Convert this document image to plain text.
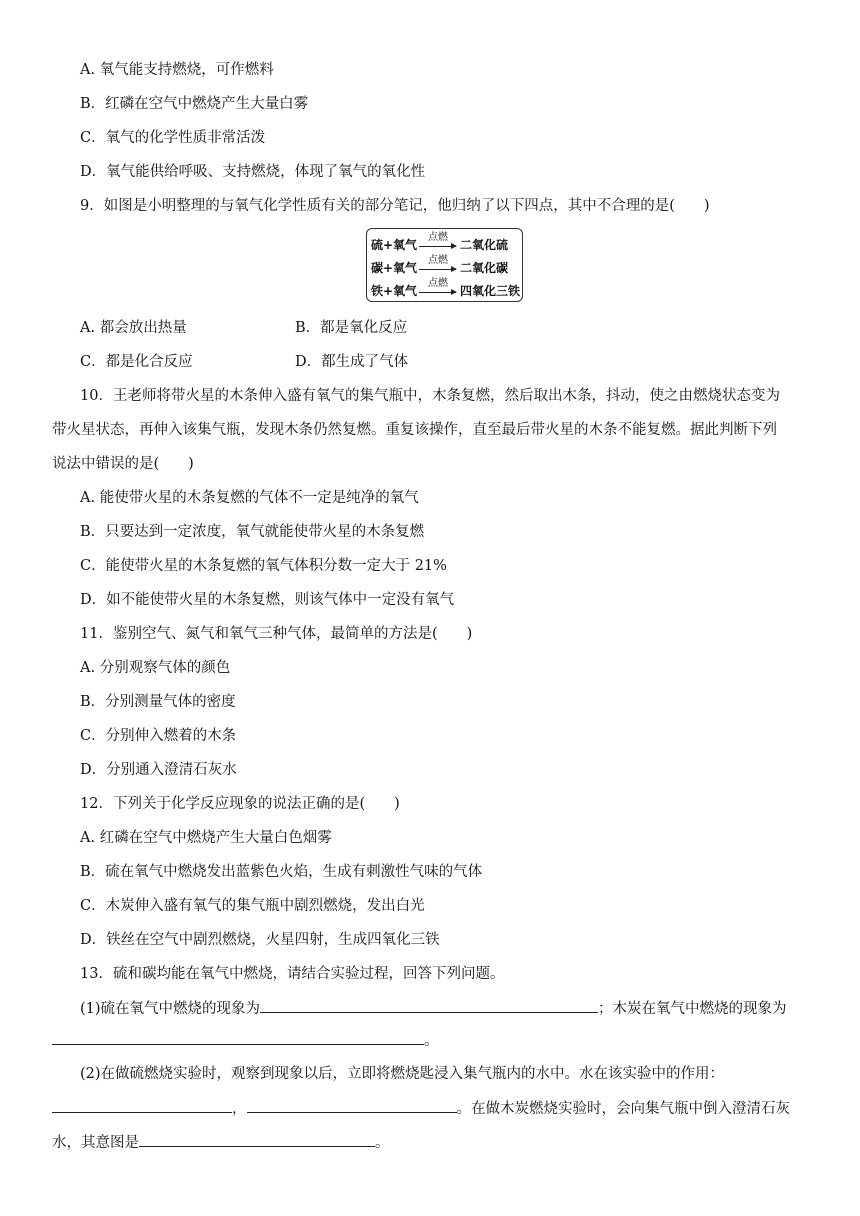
A. 氧气能支持燃烧，可作燃料
B．红磷在空气中燃烧产生大量白雾
C．氧气的化学性质非常活泼
D．氧气能供给呼吸、支持燃烧，体现了氧气的氧化性
9．如图是小明整理的与氧气化学性质有关的部分笔记，他归纳了以下四点，其中不合理的是(　　)
硫+氧气
点燃
→ 二氧化硫
碳+氧气
点燃
→ 二氧化碳
铁+氧气
点燃
→ 四氧化三铁
A. 都会放出热量	B．都是氧化反应
C．都是化合反应	D．都生成了气体
10．王老师将带火星的木条伸入盛有氧气的集气瓶中，木条复燃，然后取出木条，抖动，使之由燃烧状态变为
带火星状态，再伸入该集气瓶，发现木条仍然复燃。重复该操作，直至最后带火星的木条不能复燃。据此判断下列
说法中错误的是(　　)
A. 能使带火星的木条复燃的气体不一定是纯净的氧气
B．只要达到一定浓度，氧气就能使带火星的木条复燃
C．能使带火星的木条复燃的氧气体积分数一定大于 21%
D．如不能使带火星的木条复燃，则该气体中一定没有氧气
11．鉴别空气、氮气和氧气三种气体，最简单的方法是(　　)
A. 分别观察气体的颜色
B．分别测量气体的密度
C．分别伸入燃着的木条
D．分别通入澄清石灰水
12．下列关于化学反应现象的说法正确的是(　　)
A. 红磷在空气中燃烧产生大量白色烟雾
B．硫在氧气中燃烧发出蓝紫色火焰，生成有刺激性气味的气体
C．木炭伸入盛有氧气的集气瓶中剧烈燃烧，发出白光
D．铁丝在空气中剧烈燃烧，火星四射，生成四氧化三铁
13．硫和碳均能在氧气中燃烧，请结合实验过程，回答下列问题。
(1)硫在氧气中燃烧的现象为	；木炭在氧气中燃烧的现象为
。
(2)在做硫燃烧实验时，观察到现象以后，立即将燃烧匙浸入集气瓶内的水中。水在该实验中的作用：
，	。在做木炭燃烧实验时，会向集气瓶中倒入澄清石灰
水，其意图是	。
